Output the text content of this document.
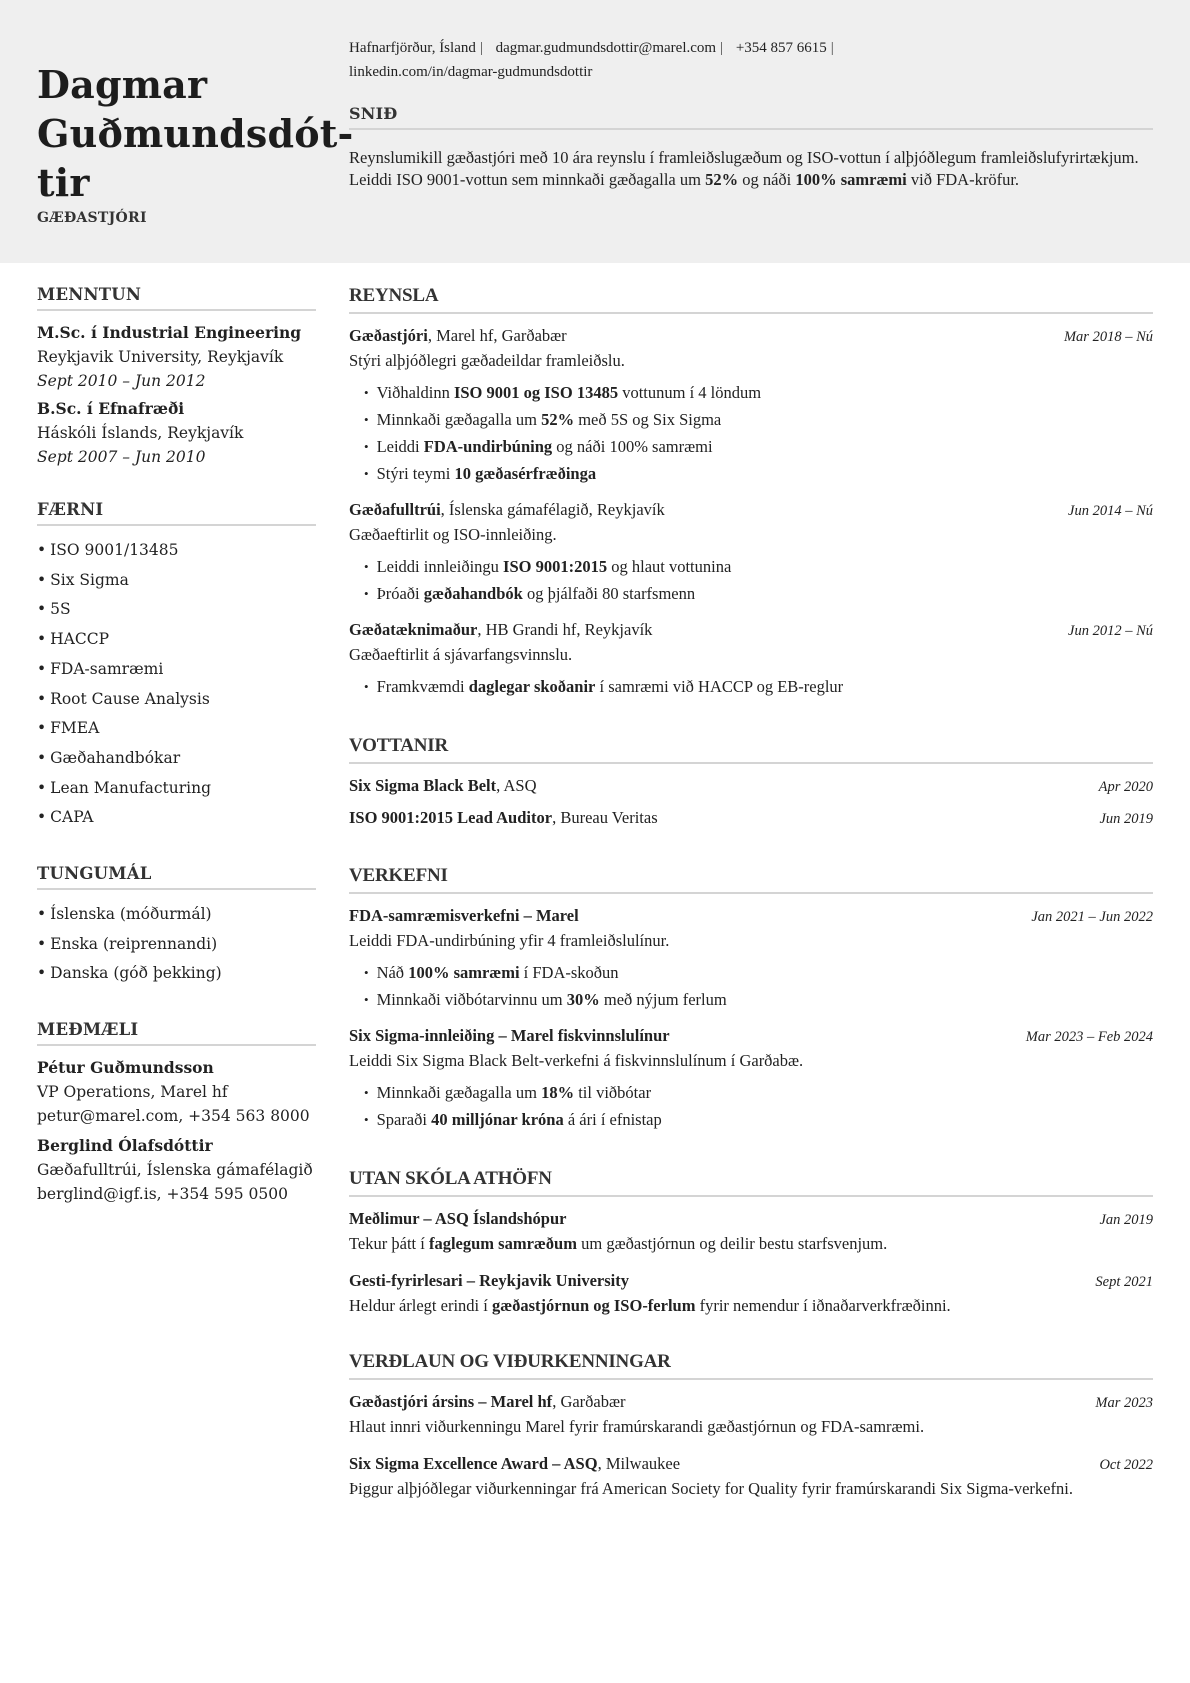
Dagmar
Guðmundsdót-
tir
GÆÐASTJÓRI
Hafnarfjörður, Ísland | dagmar.gudmundsdottir@marel.com | +354 857 6615 |
linkedin.com/in/dagmar-gudmundsdottir
SNIÐ
Reynslumikill gæðastjóri með 10 ára reynslu í framleiðslugæðum og ISO-vottun í alþjóðlegum framleiðslufyrirtækjum. Leiddi ISO 9001-vottun sem minnkaði gæðagalla um 52% og náði 100% samræmi við FDA-kröfur.
MENNTUN
M.Sc. í Industrial Engineering
Reykjavik University, Reykjavík
Sept 2010 – Jun 2012
B.Sc. í Efnafræði
Háskóli Íslands, Reykjavík
Sept 2007 – Jun 2010
FÆRNI
• ISO 9001/13485
• Six Sigma
• 5S
• HACCP
• FDA-samræmi
• Root Cause Analysis
• FMEA
• Gæðahandbókar
• Lean Manufacturing
• CAPA
TUNGUMÁL
• Íslenska (móðurmál)
• Enska (reiprennandi)
• Danska (góð þekking)
MEÐMÆLI
Pétur Guðmundsson
VP Operations, Marel hf
petur@marel.com, +354 563 8000
Berglind Ólafsdóttir
Gæðafulltrúi, Íslenska gámafélagið
berglind@igf.is, +354 595 0500
REYNSLA
Gæðastjóri, Marel hf, Garðabær	Mar 2018 – Nú
Stýri alþjóðlegri gæðadeildar framleiðslu.
• Viðhaldinn ISO 9001 og ISO 13485 vottunum í 4 löndum
• Minnkaði gæðagalla um 52% með 5S og Six Sigma
• Leiddi FDA-undirbúning og náði 100% samræmi
• Stýri teymi 10 gæðasérfræðinga
Gæðafulltrúi, Íslenska gámafélagið, Reykjavík	Jun 2014 – Nú
Gæðaeftirlit og ISO-innleiðing.
• Leiddi innleiðingu ISO 9001:2015 og hlaut vottunina
• Þróaði gæðahandbók og þjálfaði 80 starfsmenn
Gæðatæknimaður, HB Grandi hf, Reykjavík	Jun 2012 – Nú
Gæðaeftirlit á sjávarfangsvinnslu.
• Framkvæmdi daglegar skoðanir í samræmi við HACCP og EB-reglur
VOTTANIR
Six Sigma Black Belt, ASQ	Apr 2020
ISO 9001:2015 Lead Auditor, Bureau Veritas	Jun 2019
VERKEFNI
FDA-samræmisverkefni – Marel	Jan 2021 – Jun 2022
Leiddi FDA-undirbúning yfir 4 framleiðslulínur.
• Náð 100% samræmi í FDA-skoðun
• Minnkaði viðbótarvinnu um 30% með nýjum ferlum
Six Sigma-innleiðing – Marel fiskvinnslulínur	Mar 2023 – Feb 2024
Leiddi Six Sigma Black Belt-verkefni á fiskvinnslulínum í Garðabæ.
• Minnkaði gæðagalla um 18% til viðbótar
• Sparaði 40 milljónar króna á ári í efnistap
UTAN SKÓLA ATHÖFN
Meðlimur – ASQ Íslandshópur	Jan 2019
Tekur þátt í faglegum samræðum um gæðastjórnun og deilir bestu starfsvenjum.
Gesti-fyrirlesari – Reykjavik University	Sept 2021
Heldur árlegt erindi í gæðastjórnun og ISO-ferlum fyrir nemendur í iðnaðarverkfræðinni.
VERÐLAUN OG VIÐURKENNINGAR
Gæðastjóri ársins – Marel hf, Garðabær	Mar 2023
Hlaut innri viðurkenningu Marel fyrir framúrskarandi gæðastjórnun og FDA-samræmi.
Six Sigma Excellence Award – ASQ, Milwaukee	Oct 2022
Þiggur alþjóðlegar viðurkenningar frá American Society for Quality fyrir framúrskarandi Six Sigma-verkefni.
